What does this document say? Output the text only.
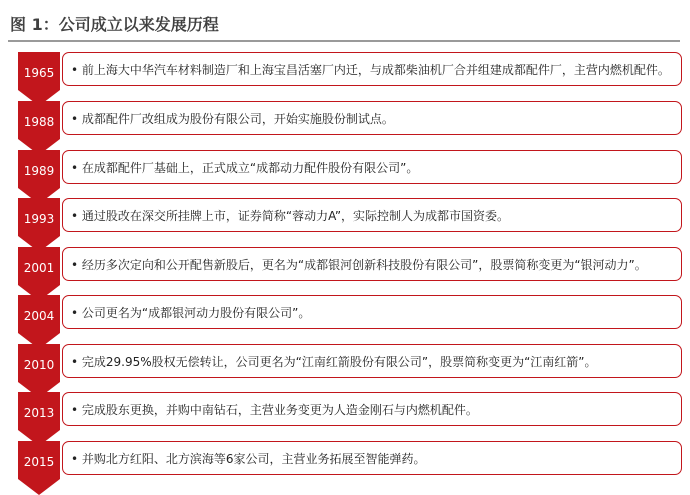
图 1：公司成立以来发展历程
• 前上海大中华汽车材料制造厂和上海宝昌活塞厂内迁，与成都柴油机厂合并组建成都配件厂，主营内燃机配件。
1965
• 成都配件厂改组成为股份有限公司，开始实施股份制试点。
1988
• 在成都配件厂基础上，正式成立“成都动力配件股份有限公司”。
1989
• 通过股改在深交所挂牌上市，证券简称“蓉动力A”，实际控制人为成都市国资委。
1993
• 经历多次定向和公开配售新股后，更名为“成都银河创新科技股份有限公司”，股票简称变更为“银河动力”。
2001
• 公司更名为“成都银河动力股份有限公司”。
2004
• 完成29.95%股权无偿转让，公司更名为“江南红箭股份有限公司”，股票简称变更为“江南红箭”。
2010
• 完成股东更换，并购中南钻石，主营业务变更为人造金刚石与内燃机配件。
2013
• 并购北方红阳、北方滨海等6家公司，主营业务拓展至智能弹药。
2015
